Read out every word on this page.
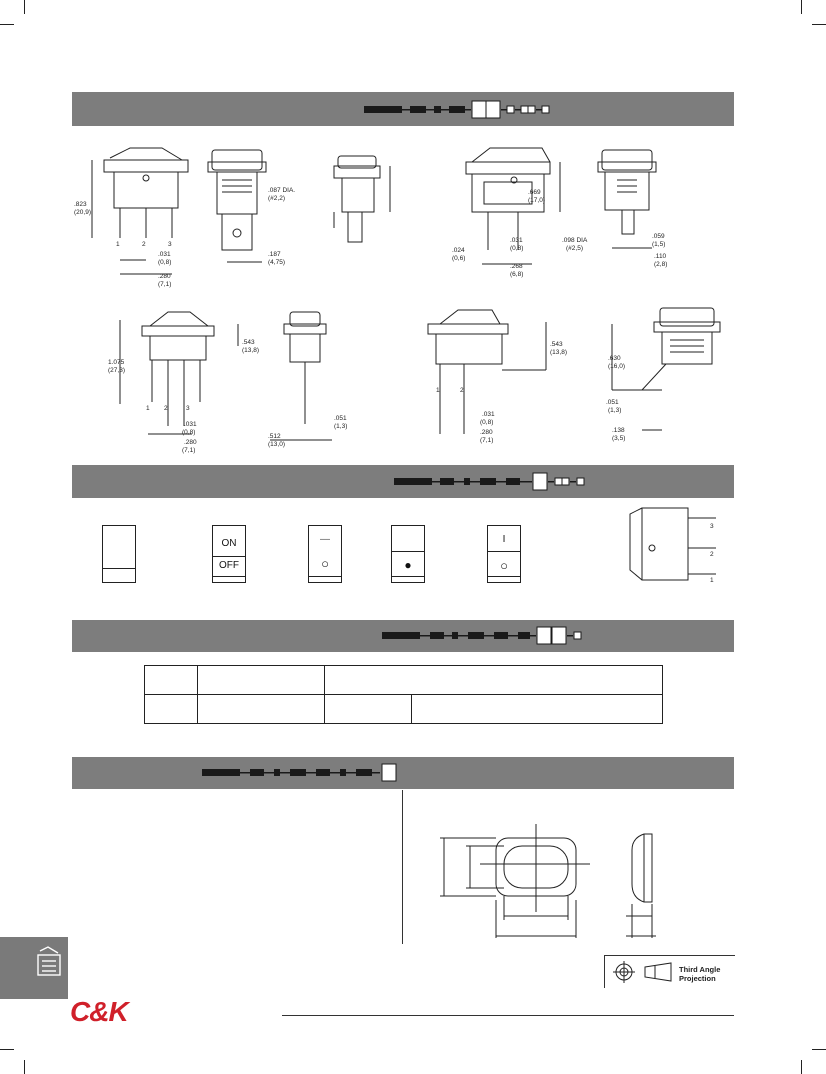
.823
(20,9)
1	2	3
.031
(0,8)
.280
(7,1)
.087 DIA.
(#2,2)
.187
(4,75)
.669
(17,0)
.024
(0,6)
.031
(0,8)
.268
(6,8)
.098 DIA
(#2,5)
.059
(1,5)
.110
(2,8)
.543
(13,8)
1.075
(27,3)
1 2	3
.031
(0,8)
.280
(7,1)
.051
(1,3)
.512
(13,0)
.543
(13,8)
1	2
.031
(0,8)
.280
(7,1)
.630
(16,0)
.051
(1,3)
.138
(3,5)
ON
OFF
—
○	●
I
○
3
2
1

C&K
Third Angle
Projection
